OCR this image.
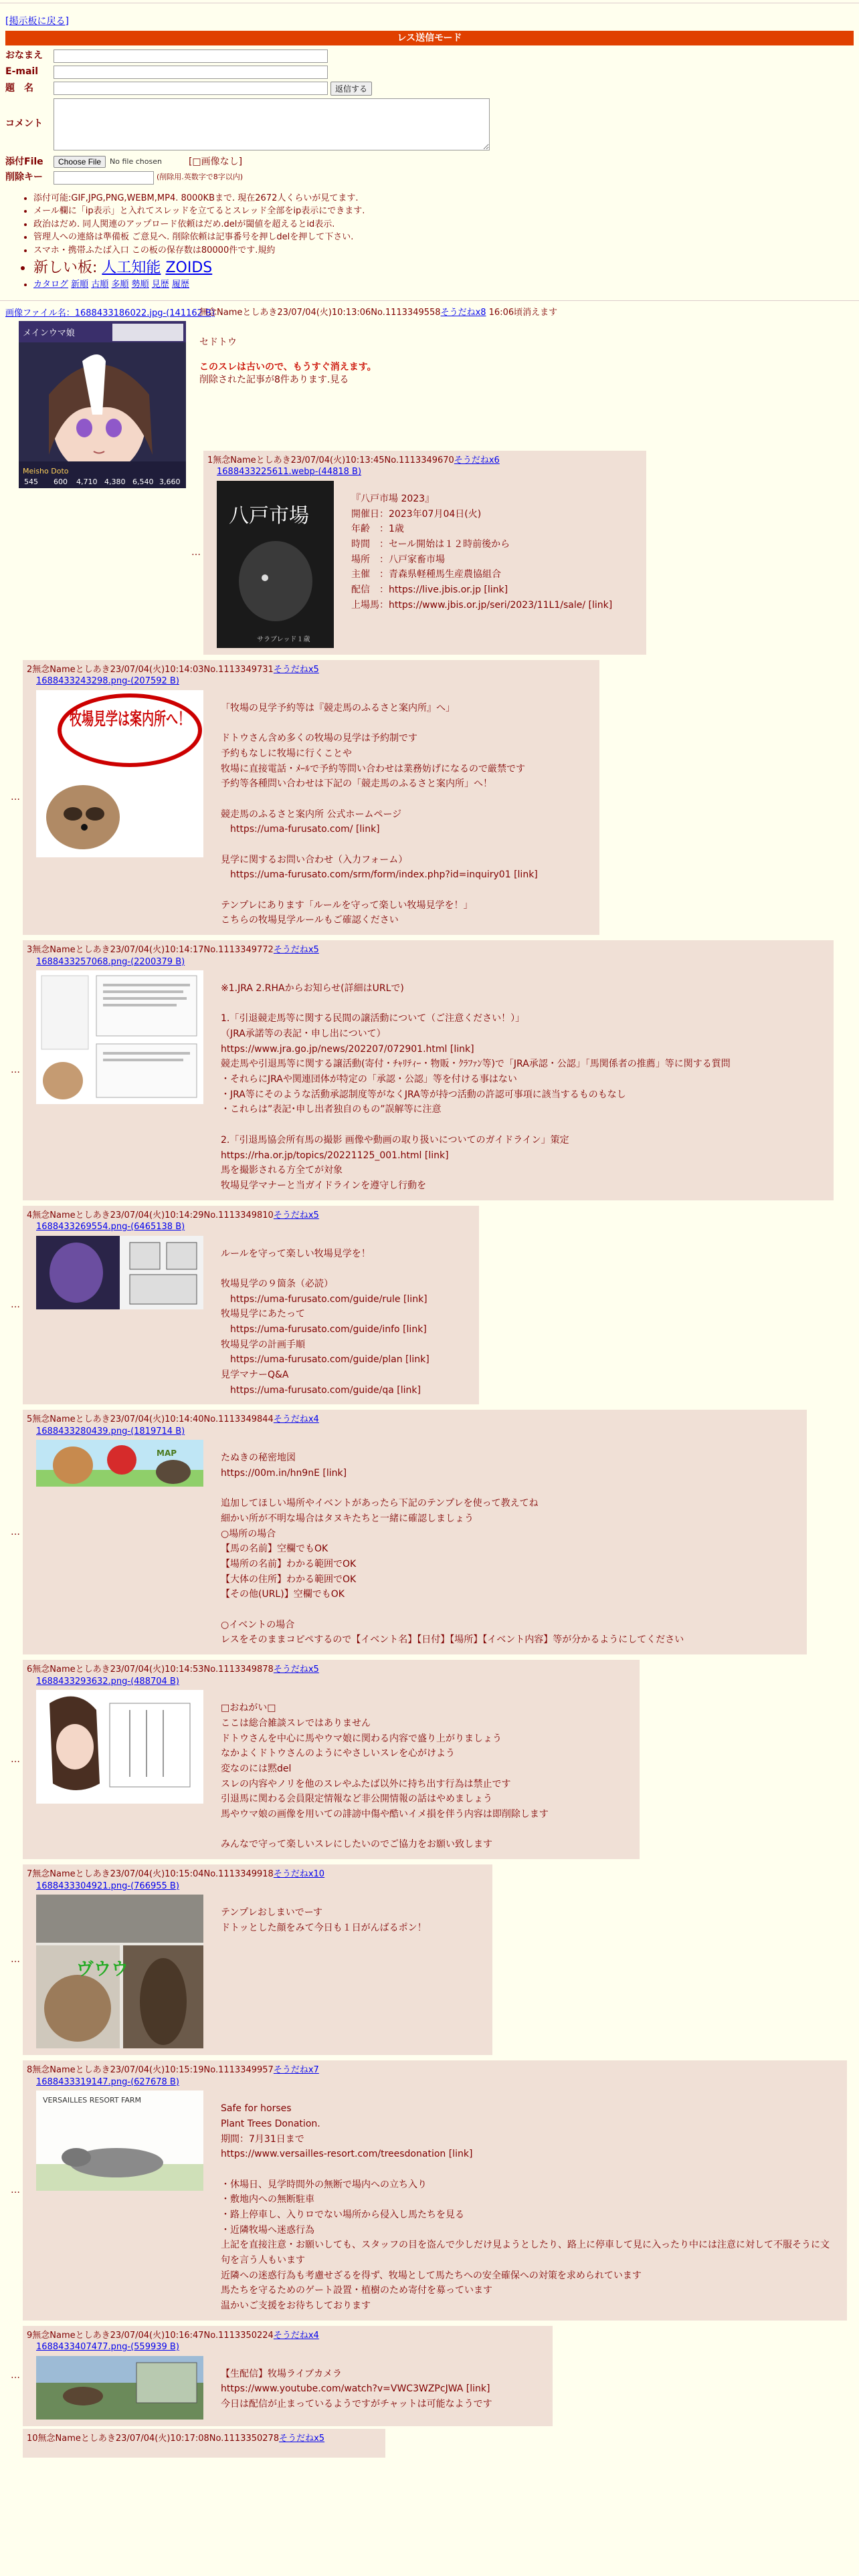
[掲示板に戻る]
レス送信モード
おなまえ
E-mail
題　名	返信する
コメント
添付File	Choose File	No file chosen	[□画像なし]
削除キー	(削除用.英数字で8字以内)
• 添付可能:GIF,JPG,PNG,WEBM,MP4. 8000KBまで. 現在2672人くらいが見てます.
• メール欄に「ip表示」と入れてスレッドを立てるとスレッド全部をip表示にできます.
• 政治はだめ. 同人関連のアップロード依頼はだめ.delが閾値を超えるとid表示.
• 管理人への連絡は準備板 ご意見へ. 削除依頼は記事番号を押しdelを押して下さい.
• スマホ・携帯ふたば入口 この板の保存数は80000件です.規約
• 新しい板: 人工知能 ZOIDS
• カタログ 新順 古順 多順 勢順 見歴 履歴
画像ファイル名：1688433186022.jpg-(141162 B)
メインウマ娘
Meisho Doto
545 600 4,710 4,380 6,540 3,660
無念Nameとしあき23/07/04(火)10:13:06No.1113349558そうだねx8 16:06頃消えます
セドトウ
このスレは古いので、もうすぐ消えます。
削除された記事が8件あります.見る
…
1無念Nameとしあき23/07/04(火)10:13:45No.1113349670そうだねx6
1688433225611.webp-(44818 B)
八戸市場
サラブレッド１歳
『八戸市場 2023』
開催日：2023年07月04日(火)
年齢　：1歳
時間　：セール開始は１２時前後から
場所　：八戸家畜市場
主催　：青森県軽種馬生産農協組合
配信　：https://live.jbis.or.jp [link]
上場馬：https://www.jbis.or.jp/seri/2023/11L1/sale/ [link]
…
2無念Nameとしあき23/07/04(火)10:14:03No.1113349731そうだねx5
1688433243298.png-(207592 B)
牧場見学は案内所へ！
「牧場の見学予約等は『競走馬のふるさと案内所』へ」

ドトウさん含め多くの牧場の見学は予約制です
予約もなしに牧場に行くことや
牧場に直接電話・ﾒｰﾙで予約等問い合わせは業務妨げになるので厳禁です
予約等各種問い合わせは下記の「競走馬のふるさと案内所」へ！

競走馬のふるさと案内所 公式ホームページ
　https://uma-furusato.com/ [link]

見学に関するお問い合わせ（入力フォーム）
　https://uma-furusato.com/srm/form/index.php?id=inquiry01 [link]

テンプレにあります「ルールを守って楽しい牧場見学を！」
こちらの牧場見学ルールもご確認ください
…
3無念Nameとしあき23/07/04(火)10:14:17No.1113349772そうだねx5
1688433257068.png-(2200379 B)
※1.JRA 2.RHAからお知らせ(詳細はURLで)

1.「引退競走馬等に関する民間の譲活動について（ご注意ください！）」
（JRA承諾等の表記・申し出について）
https://www.jra.go.jp/news/202207/072901.html [link]
競走馬や引退馬等に関する譲活動(寄付・ﾁｬﾘﾃｨｰ・物販・ｸﾗﾌｧﾝ等)で「JRA承認・公認」「馬関係者の推薦」等に関する質問
・それらにJRAや関連団体が特定の「承認・公認」等を付ける事はない
・JRA等にそのような活動承認制度等がなくJRA等が持つ活動の許認可事項に該当するものもなし
・これらは”表記･申し出者独自のもの”誤解等に注意

2.「引退馬協会所有馬の撮影 画像や動画の取り扱いについてのガイドライン」策定
https://rha.or.jp/topics/20221125_001.html [link]
馬を撮影される方全てが対象
牧場見学マナーと当ガイドラインを遵守し行動を
…
4無念Nameとしあき23/07/04(火)10:14:29No.1113349810そうだねx5
1688433269554.png-(6465138 B)
ルールを守って楽しい牧場見学を！

牧場見学の９箇条（必読）
　https://uma-furusato.com/guide/rule [link]
牧場見学にあたって
　https://uma-furusato.com/guide/info [link]
牧場見学の計画手順
　https://uma-furusato.com/guide/plan [link]
見学マナーQ&A
　https://uma-furusato.com/guide/qa [link]
…
5無念Nameとしあき23/07/04(火)10:14:40No.1113349844そうだねx4
1688433280439.png-(1819714 B)
MAP	たぬきの秘密地図
https://00m.in/hn9nE [link]

追加してほしい場所やイベントがあったら下記のテンプレを使って教えてね
細かい所が不明な場合はタヌキたちと一緒に確認しましょう
○場所の場合
【馬の名前】空欄でもOK
【場所の名前】わかる範囲でOK
【大体の住所】わかる範囲でOK
【その他(URL)】空欄でもOK

○イベントの場合
レスをそのままコピペするので【イベント名】【日付】【場所】【イベント内容】等が分かるようにしてください
…
6無念Nameとしあき23/07/04(火)10:14:53No.1113349878そうだねx5
1688433293632.png-(488704 B)
□おねがい□
ここは総合雑談スレではありません
ドトウさんを中心に馬やウマ娘に関わる内容で盛り上がりましょう
なかよくドトウさんのようにやさしいスレを心がけよう
変なのには黙del
スレの内容やノリを他のスレやふたば以外に持ち出す行為は禁止です
引退馬に関わる会員限定情報など非公開情報の話はやめましょう
馬やウマ娘の画像を用いての誹謗中傷や酷いイメ損を伴う内容は即削除します

みんなで守って楽しいスレにしたいのでご協力をお願い致します
…
7無念Nameとしあき23/07/04(火)10:15:04No.1113349918そうだねx10
1688433304921.png-(766955 B)
ヴウウ
テンプレおしまいでーす
ドトッとした顔をみて今日も１日がんばるポン！
…
8無念Nameとしあき23/07/04(火)10:15:19No.1113349957そうだねx7
1688433319147.png-(627678 B)
VERSAILLES RESORT FARM
Safe for horses
Plant Trees Donation.
期間：7月31日まで
https://www.versailles-resort.com/treesdonation [link]

・休場日、見学時間外の無断で場内への立ち入り
・敷地内への無断駐車
・路上停車し、入りロでない場所から侵入し馬たちを見る
・近隣牧場へ迷惑行為
上記を直接注意・お願いしても、スタッフの目を盗んで少しだけ見ようとしたり、路上に停車して見に入ったり中には注意に対して不服そうに文句を言う人もいます
近隣への迷惑行為も考慮せざるを得ず、牧場として馬たちへの安全確保への対策を求められています
馬たちを守るためのゲート設置・植樹のため寄付を募っています
温かいご支援をお待ちしております
…
9無念Nameとしあき23/07/04(火)10:16:47No.1113350224そうだねx4
1688433407477.png-(559939 B)
【生配信】牧場ライブカメラ
https://www.youtube.com/watch?v=VWC3WZPcJWA [link]
今日は配信が止まっているようですがチャットは可能なようです
10無念Nameとしあき23/07/04(火)10:17:08No.1113350278そうだねx5
